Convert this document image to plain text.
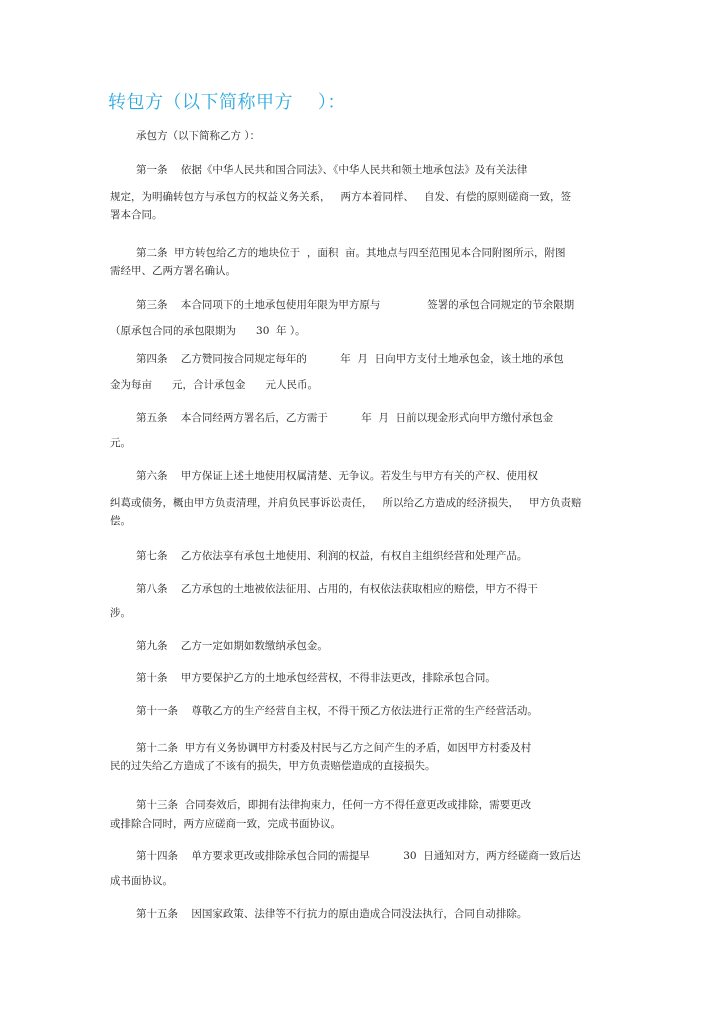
转包方（以下简称甲方    ）：
承包方（以下简称乙方 ）：
第一条    依据《中华人民共和国合同法》、《中华人民共和领土地承包法》及有关法律
规定，为明确转包方与承包方的权益义务关系，   两方本着同样、   自发、有偿的原则磋商一致，签
署本合同。
第二条  甲方转包给乙方的地块位于  ，面积  亩。其地点与四至范围见本合同附图所示，附图
需经甲、乙两方署名确认。
第三条    本合同项下的土地承包使用年限为甲方原与              签署的承包合同规定的节余限期
（原承包合同的承包限期为      30  年 ）。
第四条    乙方赞同按合同规定每年的          年  月  日向甲方支付土地承包金，该土地的承包
金为每亩      元，合计承包金      元人民币。
第五条    本合同经两方署名后，乙方需于          年  月  日前以现金形式向甲方缴付承包金
元。
第六条    甲方保证上述土地使用权属清楚、无争议。若发生与甲方有关的产权、使用权
纠葛或债务，概由甲方负责清理，并肩负民事诉讼责任，   所以给乙方造成的经济损失，   甲方负责赔
偿。
第七条    乙方依法享有承包土地使用、利润的权益，有权自主组织经营和处理产品。
第八条    乙方承包的土地被依法征用、占用的，有权依法获取相应的赔偿，甲方不得干
涉。
第九条    乙方一定如期如数缴纳承包金。
第十条    甲方要保护乙方的土地承包经营权，不得非法更改，排除承包合同。
第十一条    尊敬乙方的生产经营自主权，不得干预乙方依法进行正常的生产经营活动。
第十二条  甲方有义务协调甲方村委及村民与乙方之间产生的矛盾，如因甲方村委及村
民的过失给乙方造成了不该有的损失，甲方负责赔偿造成的直接损失。
第十三条  合同奏效后，即拥有法律拘束力，任何一方不得任意更改或排除，需要更改
或排除合同时，两方应磋商一致，完成书面协议。
第十四条    单方要求更改或排除承包合同的需提早          30  日通知对方，两方经磋商一致后达
成书面协议。
第十五条    因国家政策、法律等不行抗力的原由造成合同没法执行，合同自动排除。
